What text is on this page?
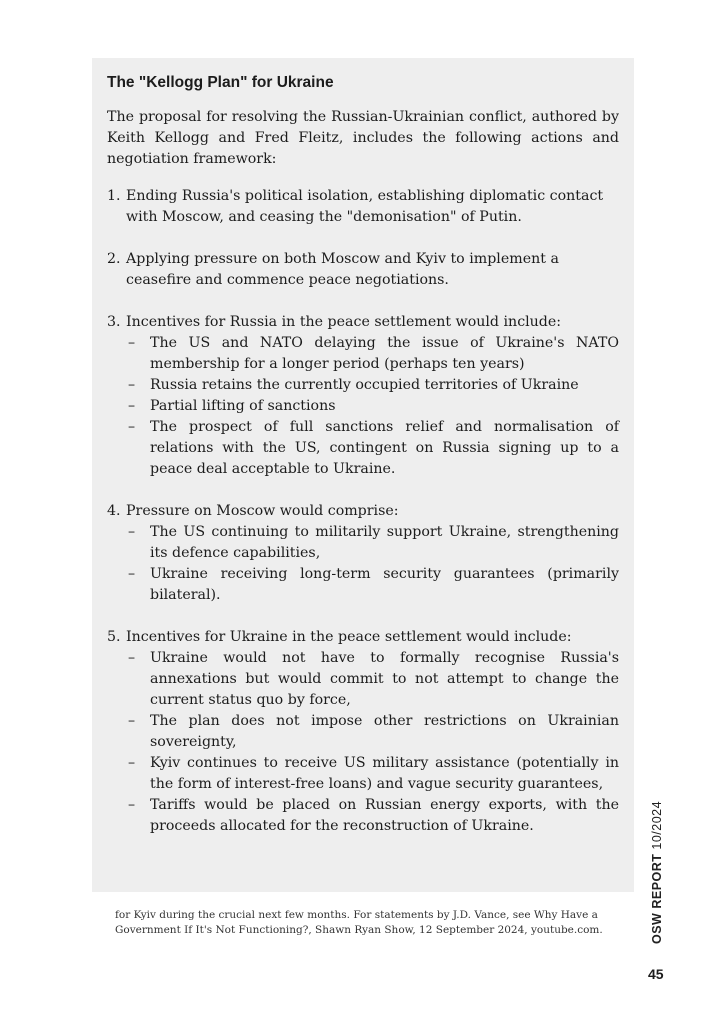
The "Kellogg Plan" for Ukraine

The proposal for resolving the Russian-Ukrainian conflict, authored by Keith Kellogg and Fred Fleitz, includes the following actions and negotiation framework:

1. Ending Russia's political isolation, establishing diplomatic contact with Moscow, and ceasing the "demonisation" of Putin.
2. Applying pressure on both Moscow and Kyiv to implement a ceasefire and commence peace negotiations.
3. Incentives for Russia in the peace settlement would include:
–	The US and NATO delaying the issue of Ukraine's NATO membership for a longer period (perhaps ten years)
–	Russia retains the currently occupied territories of Ukraine
–	Partial lifting of sanctions
–	The prospect of full sanctions relief and normalisation of relations with the US, contingent on Russia signing up to a peace deal acceptable to Ukraine.
4. Pressure on Moscow would comprise:
–	The US continuing to militarily support Ukraine, strengthening its defence capabilities,
–	Ukraine receiving long-term security guarantees (primarily bilateral).
5. Incentives for Ukraine in the peace settlement would include:
–	Ukraine would not have to formally recognise Russia's annexations but would commit to not attempt to change the current status quo by force,
–	The plan does not impose other restrictions on Ukrainian sovereignty,
–	Kyiv continues to receive US military assistance (potentially in the form of interest-free loans) and vague security guarantees,
–	Tariffs would be placed on Russian energy exports, with the proceeds allocated for the reconstruction of Ukraine.
for Kyiv during the crucial next few months. For statements by J.D. Vance, see Why Have a Government If It's Not Functioning?, Shawn Ryan Show, 12 September 2024, youtube.com.	OSW REPORT 10/2024
45
